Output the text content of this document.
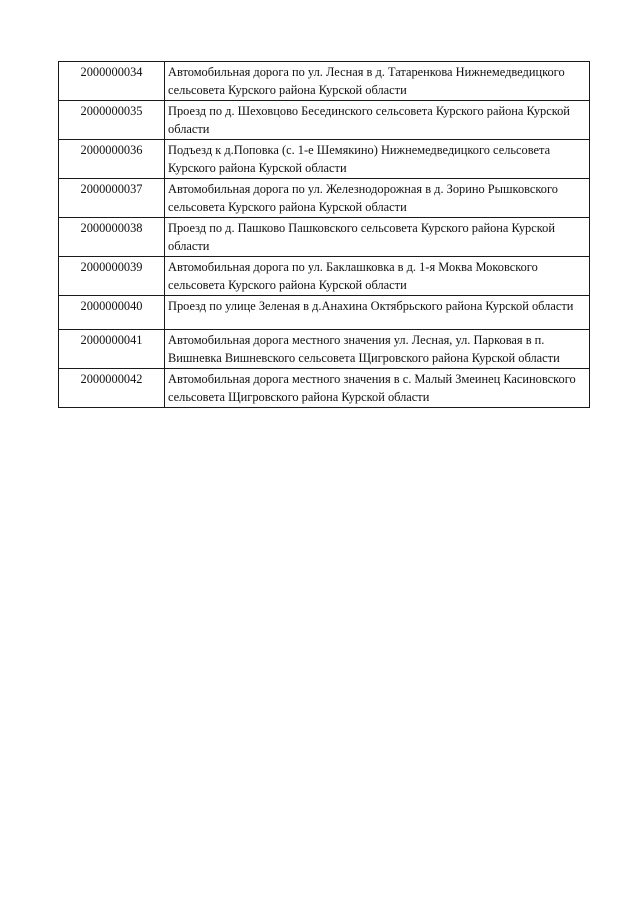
2000000034	Автомобильная дорога по ул. Лесная в д. Татаренкова Нижнемедведицкого сельсовета Курского района Курской области
2000000035	Проезд по д. Шеховцово Бесединского сельсовета Курского района Курской области
2000000036	Подъезд к д.Поповка (с. 1-е Шемякино) Нижнемедведицкого сельсовета Курского района Курской области
2000000037	Автомобильная дорога по ул. Железнодорожная в д. Зорино Рышковского сельсовета Курского района Курской области
2000000038	Проезд по д. Пашково Пашковского сельсовета Курского района Курской области
2000000039	Автомобильная дорога по ул. Баклашковка в д. 1-я Моква Моковского сельсовета Курского района Курской области
2000000040	Проезд по улице Зеленая в д.Анахина Октябрьского района Курской области
2000000041	Автомобильная дорога местного значения ул. Лесная, ул. Парковая в п. Вишневка Вишневского сельсовета Щигровского района Курской области
2000000042	Автомобильная дорога местного значения в с. Малый Змеинец Касиновского сельсовета Щигровского района Курской области
